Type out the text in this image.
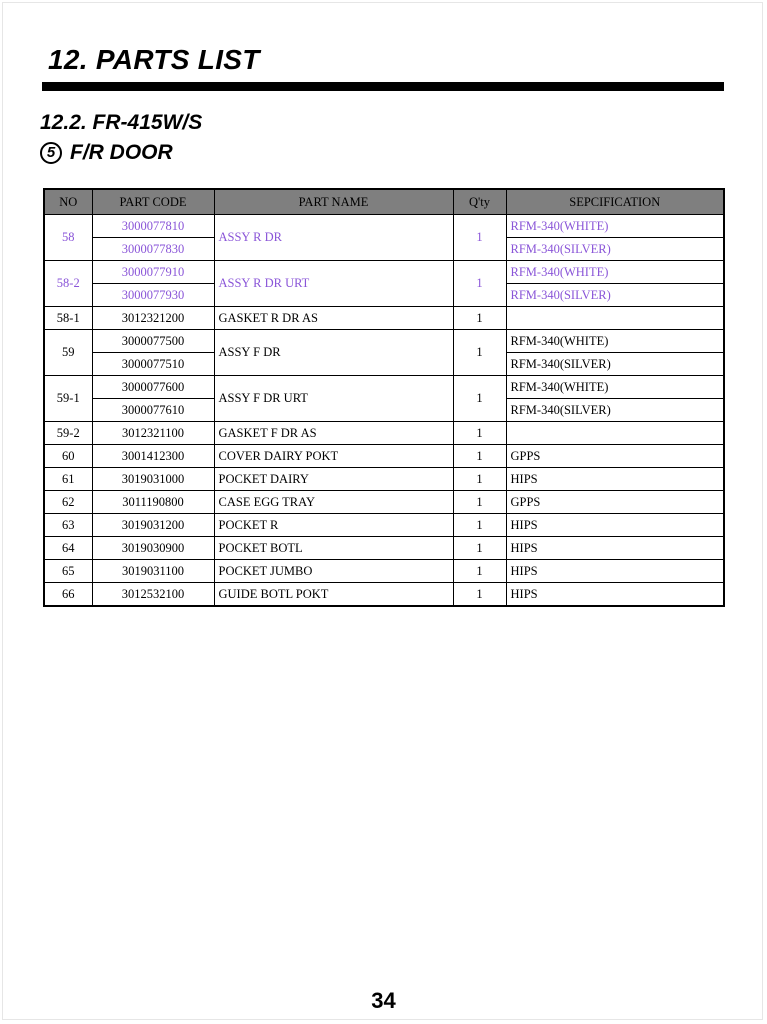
12. PARTS LIST
12.2. FR-415W/S
5 F/R DOOR
NO	PART CODE	PART NAME	Q'ty	SEPCIFICATION
58	3000077810	ASSY R DR	1	RFM-340(WHITE)
	3000077830			RFM-340(SILVER)
58-2	3000077910	ASSY R DR URT	1	RFM-340(WHITE)
	3000077930			RFM-340(SILVER)
58-1	3012321200	GASKET R DR AS	1	
59	3000077500	ASSY F DR	1	RFM-340(WHITE)
	3000077510			RFM-340(SILVER)
59-1	3000077600	ASSY F DR URT	1	RFM-340(WHITE)
	3000077610			RFM-340(SILVER)
59-2	3012321100	GASKET F DR AS	1	
60	3001412300	COVER DAIRY POKT	1	GPPS
61	3019031000	POCKET DAIRY	1	HIPS
62	3011190800	CASE EGG TRAY	1	GPPS
63	3019031200	POCKET R	1	HIPS
64	3019030900	POCKET BOTL	1	HIPS
65	3019031100	POCKET JUMBO	1	HIPS
66	3012532100	GUIDE BOTL POKT	1	HIPS
34
